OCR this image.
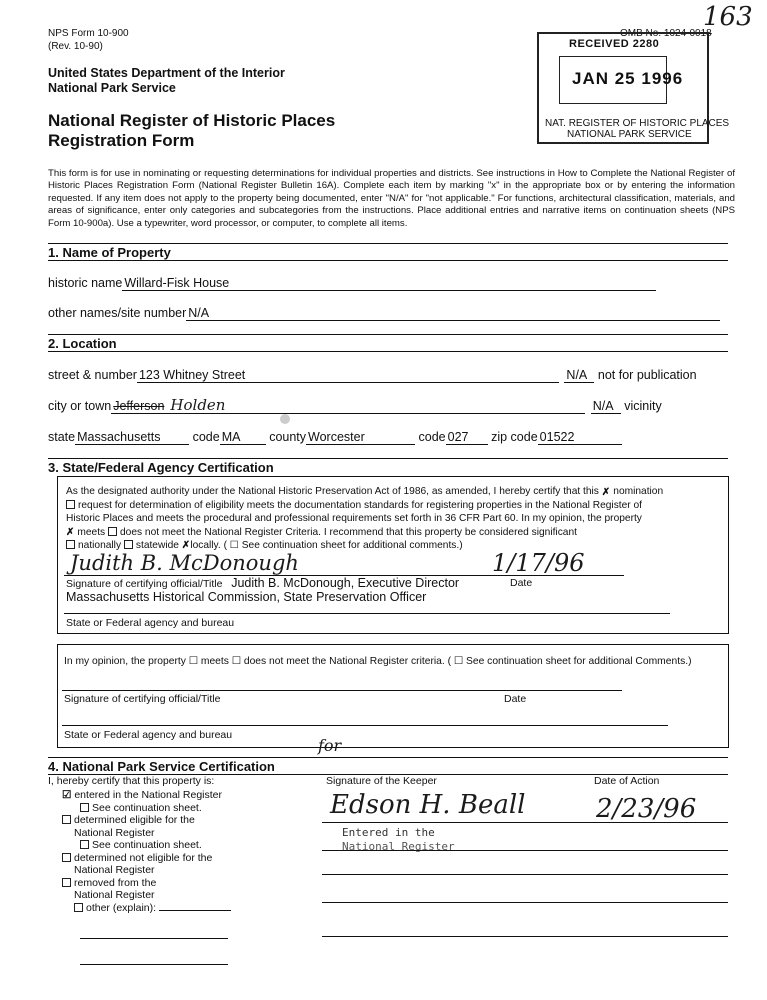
NPS Form 10-900
(Rev. 10-90)
United States Department of the Interior
National Park Service
National Register of Historic Places
Registration Form
OMB No. 1024-0018
163
RECEIVED 2280
JAN 25 1996
NAT. REGISTER OF HISTORIC PLACES
NATIONAL PARK SERVICE
This form is for use in nominating or requesting determinations for individual properties and districts. See instructions in How to Complete the National Register of Historic Places Registration Form (National Register Bulletin 16A). Complete each item by marking "x" in the appropriate box or by entering the information requested. If any item does not apply to the property being documented, enter "N/A" for "not applicable." For functions, architectural classification, materials, and areas of significance, enter only categories and subcategories from the instructions. Place additional entries and narrative items on continuation sheets (NPS Form 10-900a). Use a typewriter, word processor, or computer, to complete all items.
1. Name of Property
historic name Willard-Fisk House
other names/site number N/A
2. Location
street & number 123 Whitney Street	N/A not for publication
city or town Jefferson Holden	N/A vicinity
state Massachusetts	code MA county Worcester	code 027 zip code 01522
3. State/Federal Agency Certification
As the designated authority under the National Historic Preservation Act of 1986, as amended, I hereby certify that this ✗ nomination
request for determination of eligibility meets the documentation standards for registering properties in the National Register of
Historic Places and meets the procedural and professional requirements set forth in 36 CFR Part 60. In my opinion, the property
✗ meets does not meet the National Register Criteria. I recommend that this property be considered significant
nationally statewide ✗locally. ( ☐ See continuation sheet for additional comments.)
Judith B. McDonough	1/17/96
Signature of certifying official/Title Judith B. McDonough, Executive Director	Date
Massachusetts Historical Commission, State Preservation Officer
State or Federal agency and bureau
In my opinion, the property ☐ meets ☐ does not meet the National Register criteria. ( ☐ See continuation sheet for additional Comments.)
Signature of certifying official/Title	Date
State or Federal agency and bureau
4. National Park Service Certification
I, hereby certify that this property is:
☑ entered in the National Register
See continuation sheet.
determined eligible for the
National Register
See continuation sheet.
determined not eligible for the
National Register
removed from the
National Register
other (explain):
Signature of the Keeper	Date of Action
for
Edson H. Beall	2/23/96
Entered in the
National Register
